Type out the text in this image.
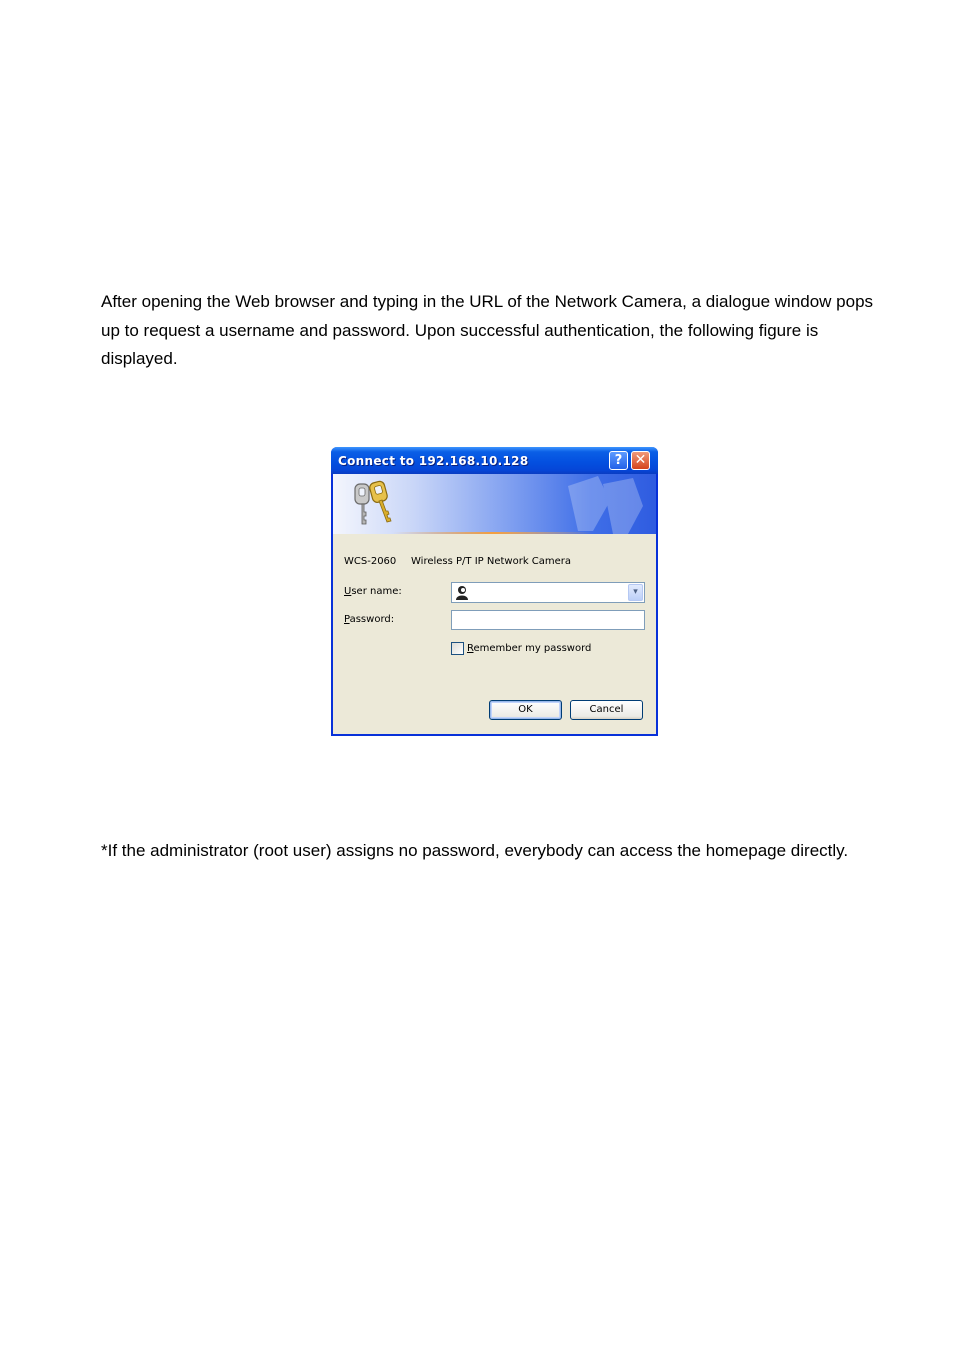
After opening the Web browser and typing in the URL of the Network Camera, a dialogue window pops up to request a username and password. Upon successful authentication, the following figure is displayed.

Connect to 192.168.10.128	? ✕
WCS-2060 Wireless P/T IP Network Camera
User name:	▾
Password:
Remember my password
OK	Cancel

*If the administrator (root user) assigns no password, everybody can access the homepage directly.
